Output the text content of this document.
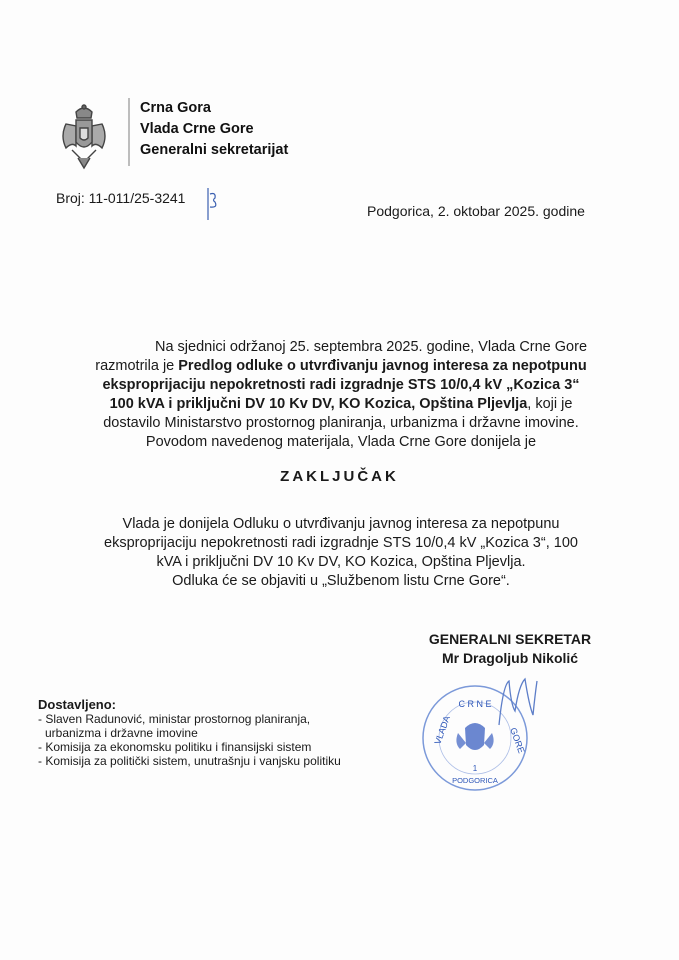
Crna Gora
Vlada Crne Gore
Generalni sekretarijat
Broj: 11-011/25-3241
Podgorica, 2. oktobar 2025. godine
Na sjednici održanoj 25. septembra 2025. godine, Vlada Crne Gore
razmotrila je Predlog odluke o utvrđivanju javnog interesa za nepotpunu
eksproprijaciju nepokretnosti radi izgradnje STS 10/0,4 kV „Kozica 3“
100 kVA i priključni DV 10 Kv DV, KO Kozica, Opština Pljevlja, koji je
dostavilo Ministarstvo prostornog planiranja, urbanizma i državne imovine.
Povodom navedenog materijala, Vlada Crne Gore donijela je
ZAKLJUČAK
Vlada je donijela Odluku o utvrđivanju javnog interesa za nepotpunu
eksproprijaciju nepokretnosti radi izgradnje STS 10/0,4 kV „Kozica 3“, 100
kVA i priključni DV 10 Kv DV, KO Kozica, Opština Pljevlja.
Odluka će se objaviti u „Službenom listu Crne Gore“.
GENERALNI SEKRETAR
Mr Dragoljub Nikolić
C R N E
VLADA	GORE
1
PODGORICA
Dostavljeno:
- Slaven Radunović, ministar prostornog planiranja,
urbanizma i državne imovine
- Komisija za ekonomsku politiku i finansijski sistem
- Komisija za politički sistem, unutrašnju i vanjsku politiku
